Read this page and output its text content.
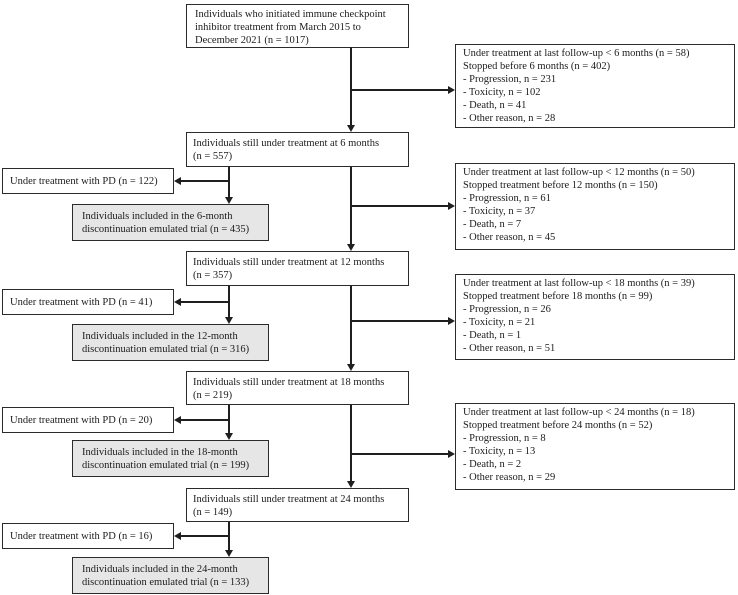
Individuals who initiated immune checkpoint
inhibitor treatment from March 2015 to
December 2021 (n = 1017)
Under treatment at last follow-up < 6 months (n = 58)
Stopped before 6 months (n = 402)
- Progression, n = 231
- Toxicity, n = 102
- Death, n = 41
- Other reason, n = 28
Individuals still under treatment at 6 months
(n = 557)
Under treatment with PD (n = 122)
Individuals included in the 6-month
discontinuation emulated trial (n = 435)
Under treatment at last follow-up < 12 months (n = 50)
Stopped treatment before 12 months (n = 150)
- Progression, n = 61
- Toxicity, n = 37
- Death, n = 7
- Other reason, n = 45
Individuals still under treatment at 12 months
(n = 357)
Under treatment with PD (n = 41)
Individuals included in the 12-month
discontinuation emulated trial (n = 316)
Under treatment at last follow-up < 18 months (n = 39)
Stopped treatment before 18 months (n = 99)
- Progression, n = 26
- Toxicity, n = 21
- Death, n = 1
- Other reason, n = 51
Individuals still under treatment at 18 months
(n = 219)
Under treatment with PD (n = 20)
Individuals included in the 18-month
discontinuation emulated trial (n = 199)
Under treatment at last follow-up < 24 months (n = 18)
Stopped treatment before 24 months (n = 52)
- Progression, n = 8
- Toxicity, n = 13
- Death, n = 2
- Other reason, n = 29
Individuals still under treatment at 24 months
(n = 149)
Under treatment with PD (n = 16)
Individuals included in the 24-month
discontinuation emulated trial (n = 133)
